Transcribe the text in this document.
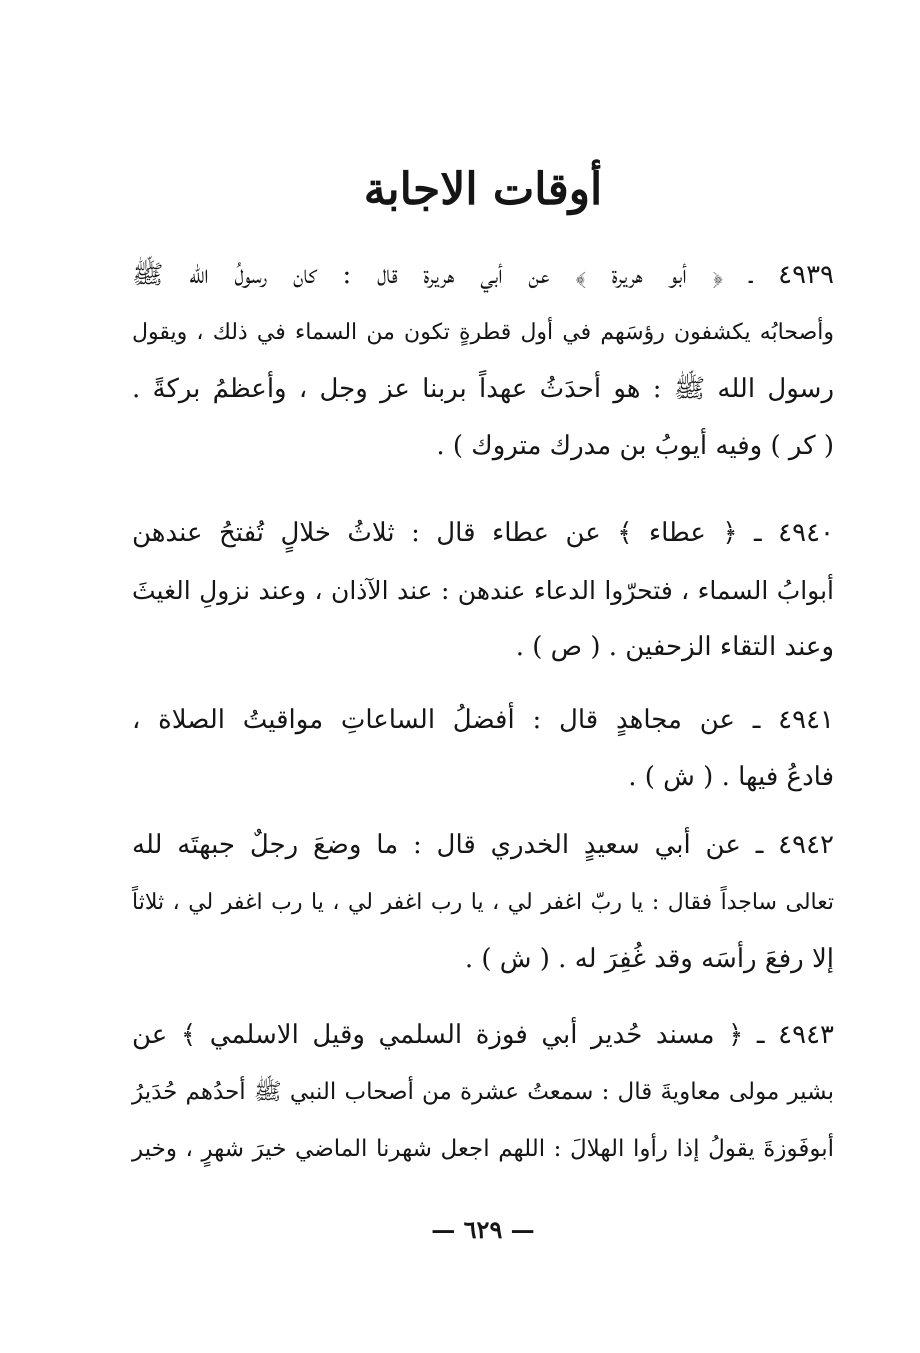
أوقات الاجابة
٤٩٣٩ ـ ﴿ أبو هريرة ﴾ عن أبي هريرة قال : كان رسولُ الله ﷺ
وأصحابُه يكشفون رؤسَهم في أول قطرةٍ تكون من السماء في ذلك ، ويقول
رسول الله ﷺ : هو أحدَثُ عهداً بربنا عز وجل ، وأعظمُ بركةً .
( كر ) وفيه أيوبُ بن مدرك متروك ) .
٤٩٤٠ ـ ﴿ عطاء ﴾ عن عطاء قال : ثلاثُ خلالٍ تُفتحُ عندهن
أبوابُ السماء ، فتحرّوا الدعاء عندهن : عند الآذان ، وعند نزولِ الغيثَ
وعند التقاء الزحفين . ( ص ) .
٤٩٤١ ـ عن مجاهدٍ قال : أفضلُ الساعاتِ مواقيتُ الصلاة ،
فادعُ فيها . ( ش ) .
٤٩٤٢ ـ عن أبي سعيدٍ الخدري قال : ما وضعَ رجلٌ جبهتَه لله
تعالى ساجداً فقال : يا ربّ اغفر لي ، يا رب اغفر لي ، يا رب اغفر لي ، ثلاثاً
إلا رفعَ رأسَه وقد غُفِرَ له . ( ش ) .
٤٩٤٣ ـ ﴿ مسند حُدير أبي فوزة السلمي وقيل الاسلمي ﴾ عن
بشير مولى معاويةَ قال : سمعتُ عشرة من أصحاب النبي ﷺ أحدُهم حُدَيرُ
أبوفَوزةَ يقولُ إذا رأوا الهلالَ : اللهم اجعل شهرنا الماضي خيرَ شهرٍ ، وخير
— ٦٢٩ —
